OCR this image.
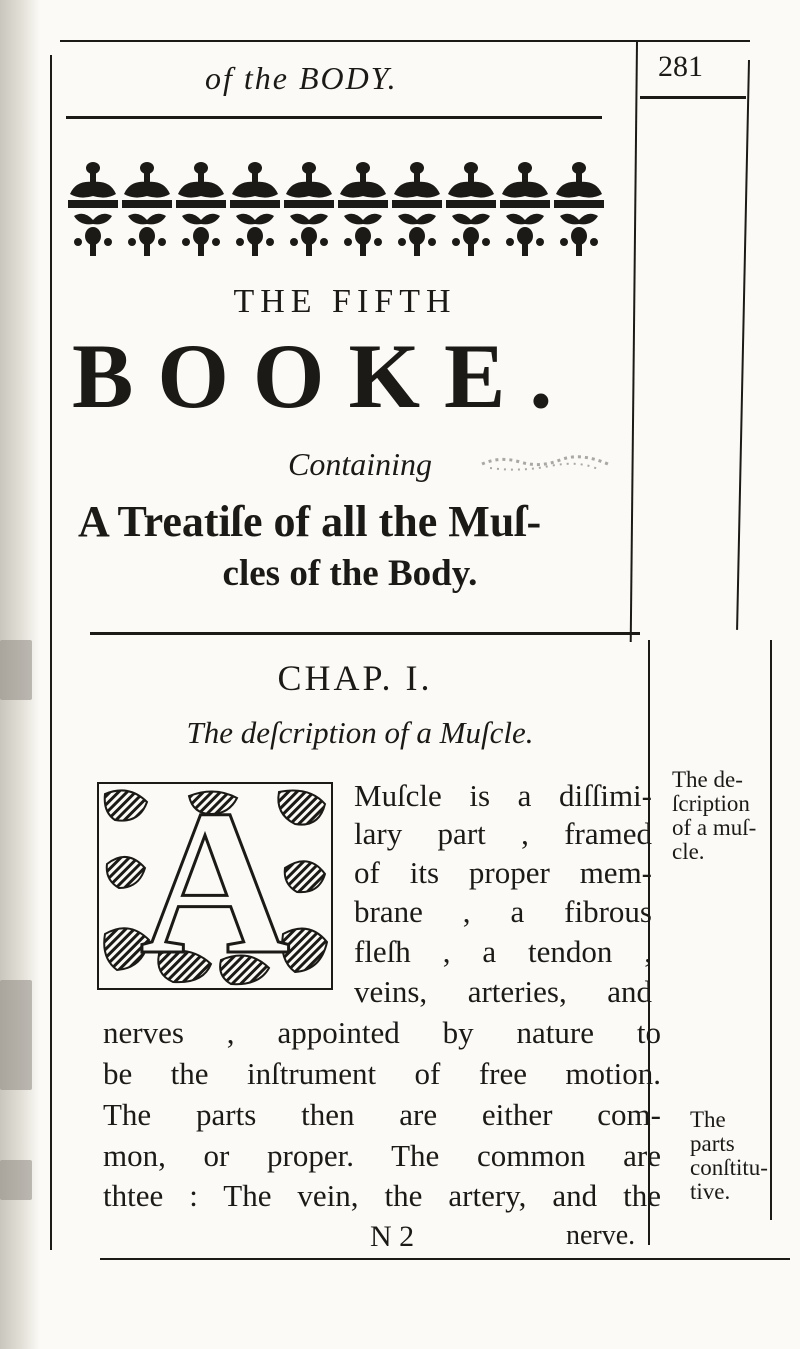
of the BODY.	281
THE FIFTH
BOOKE.
Containing
A Treatiſe of all the Muſ-
cles of the Body.
CHAP. I.
The deſcription of a Muſcle.
A	Muſcle is a diſſimi-
lary part , framed
of its proper mem-
brane , a fibrous
fleſh , a tendon ,
veins, arteries, and
nerves , appointed by nature to
be the inſtrument of free motion.
The parts then are either com-
mon, or proper. The common are
thtee : The vein, the artery, and the
The de-
ſcription
of a muſ-
cle.
The
parts
conſtitu-
tive.
N 2	nerve.
